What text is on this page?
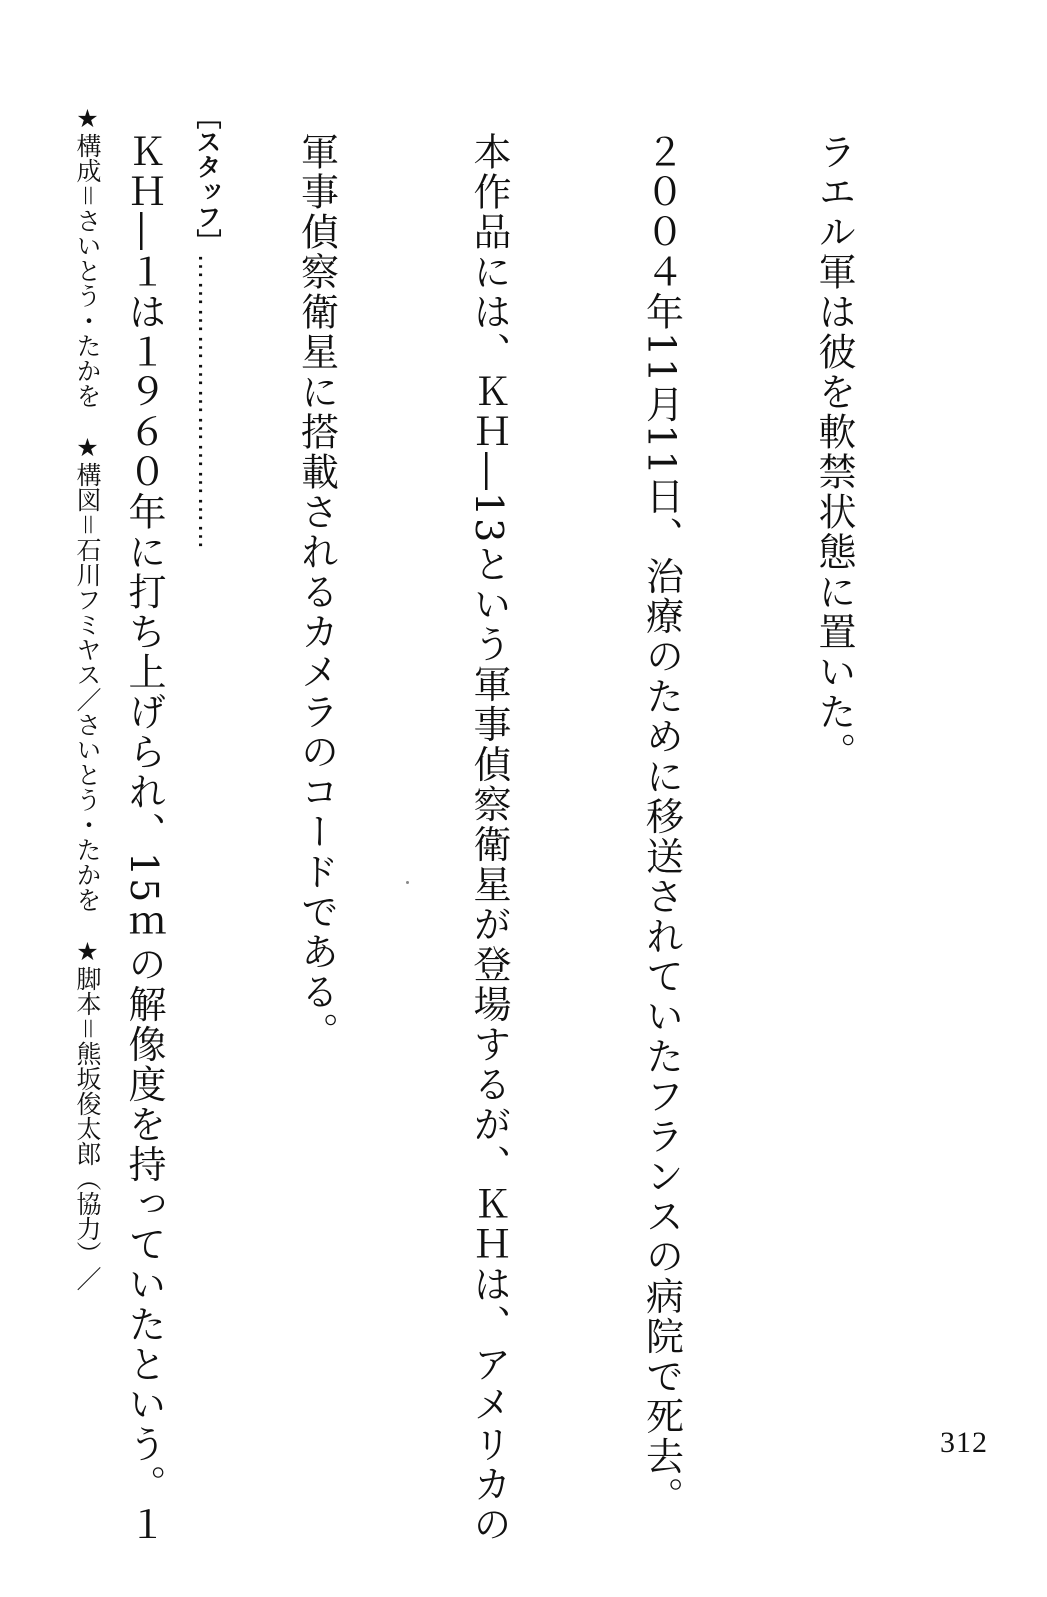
ラエル軍は彼を軟禁状態に置いた。

２００４年11月11日、治療のために移送されていたフランスの病院で死去。

本作品には、ＫＨ―13という軍事偵察衛星が登場するが、ＫＨは、アメリカの

軍事偵察衛星に搭載されるカメラのコードである。

ＫＨ―１は１９６０年に打ち上げられ、15ｍの解像度を持っていたという。１

［スタッフ］……………………………

★構成＝さいとう・たかを　★構図＝石川フミヤス／さいとう・たかを　★脚本＝熊坂俊太郎（協力）／

312
